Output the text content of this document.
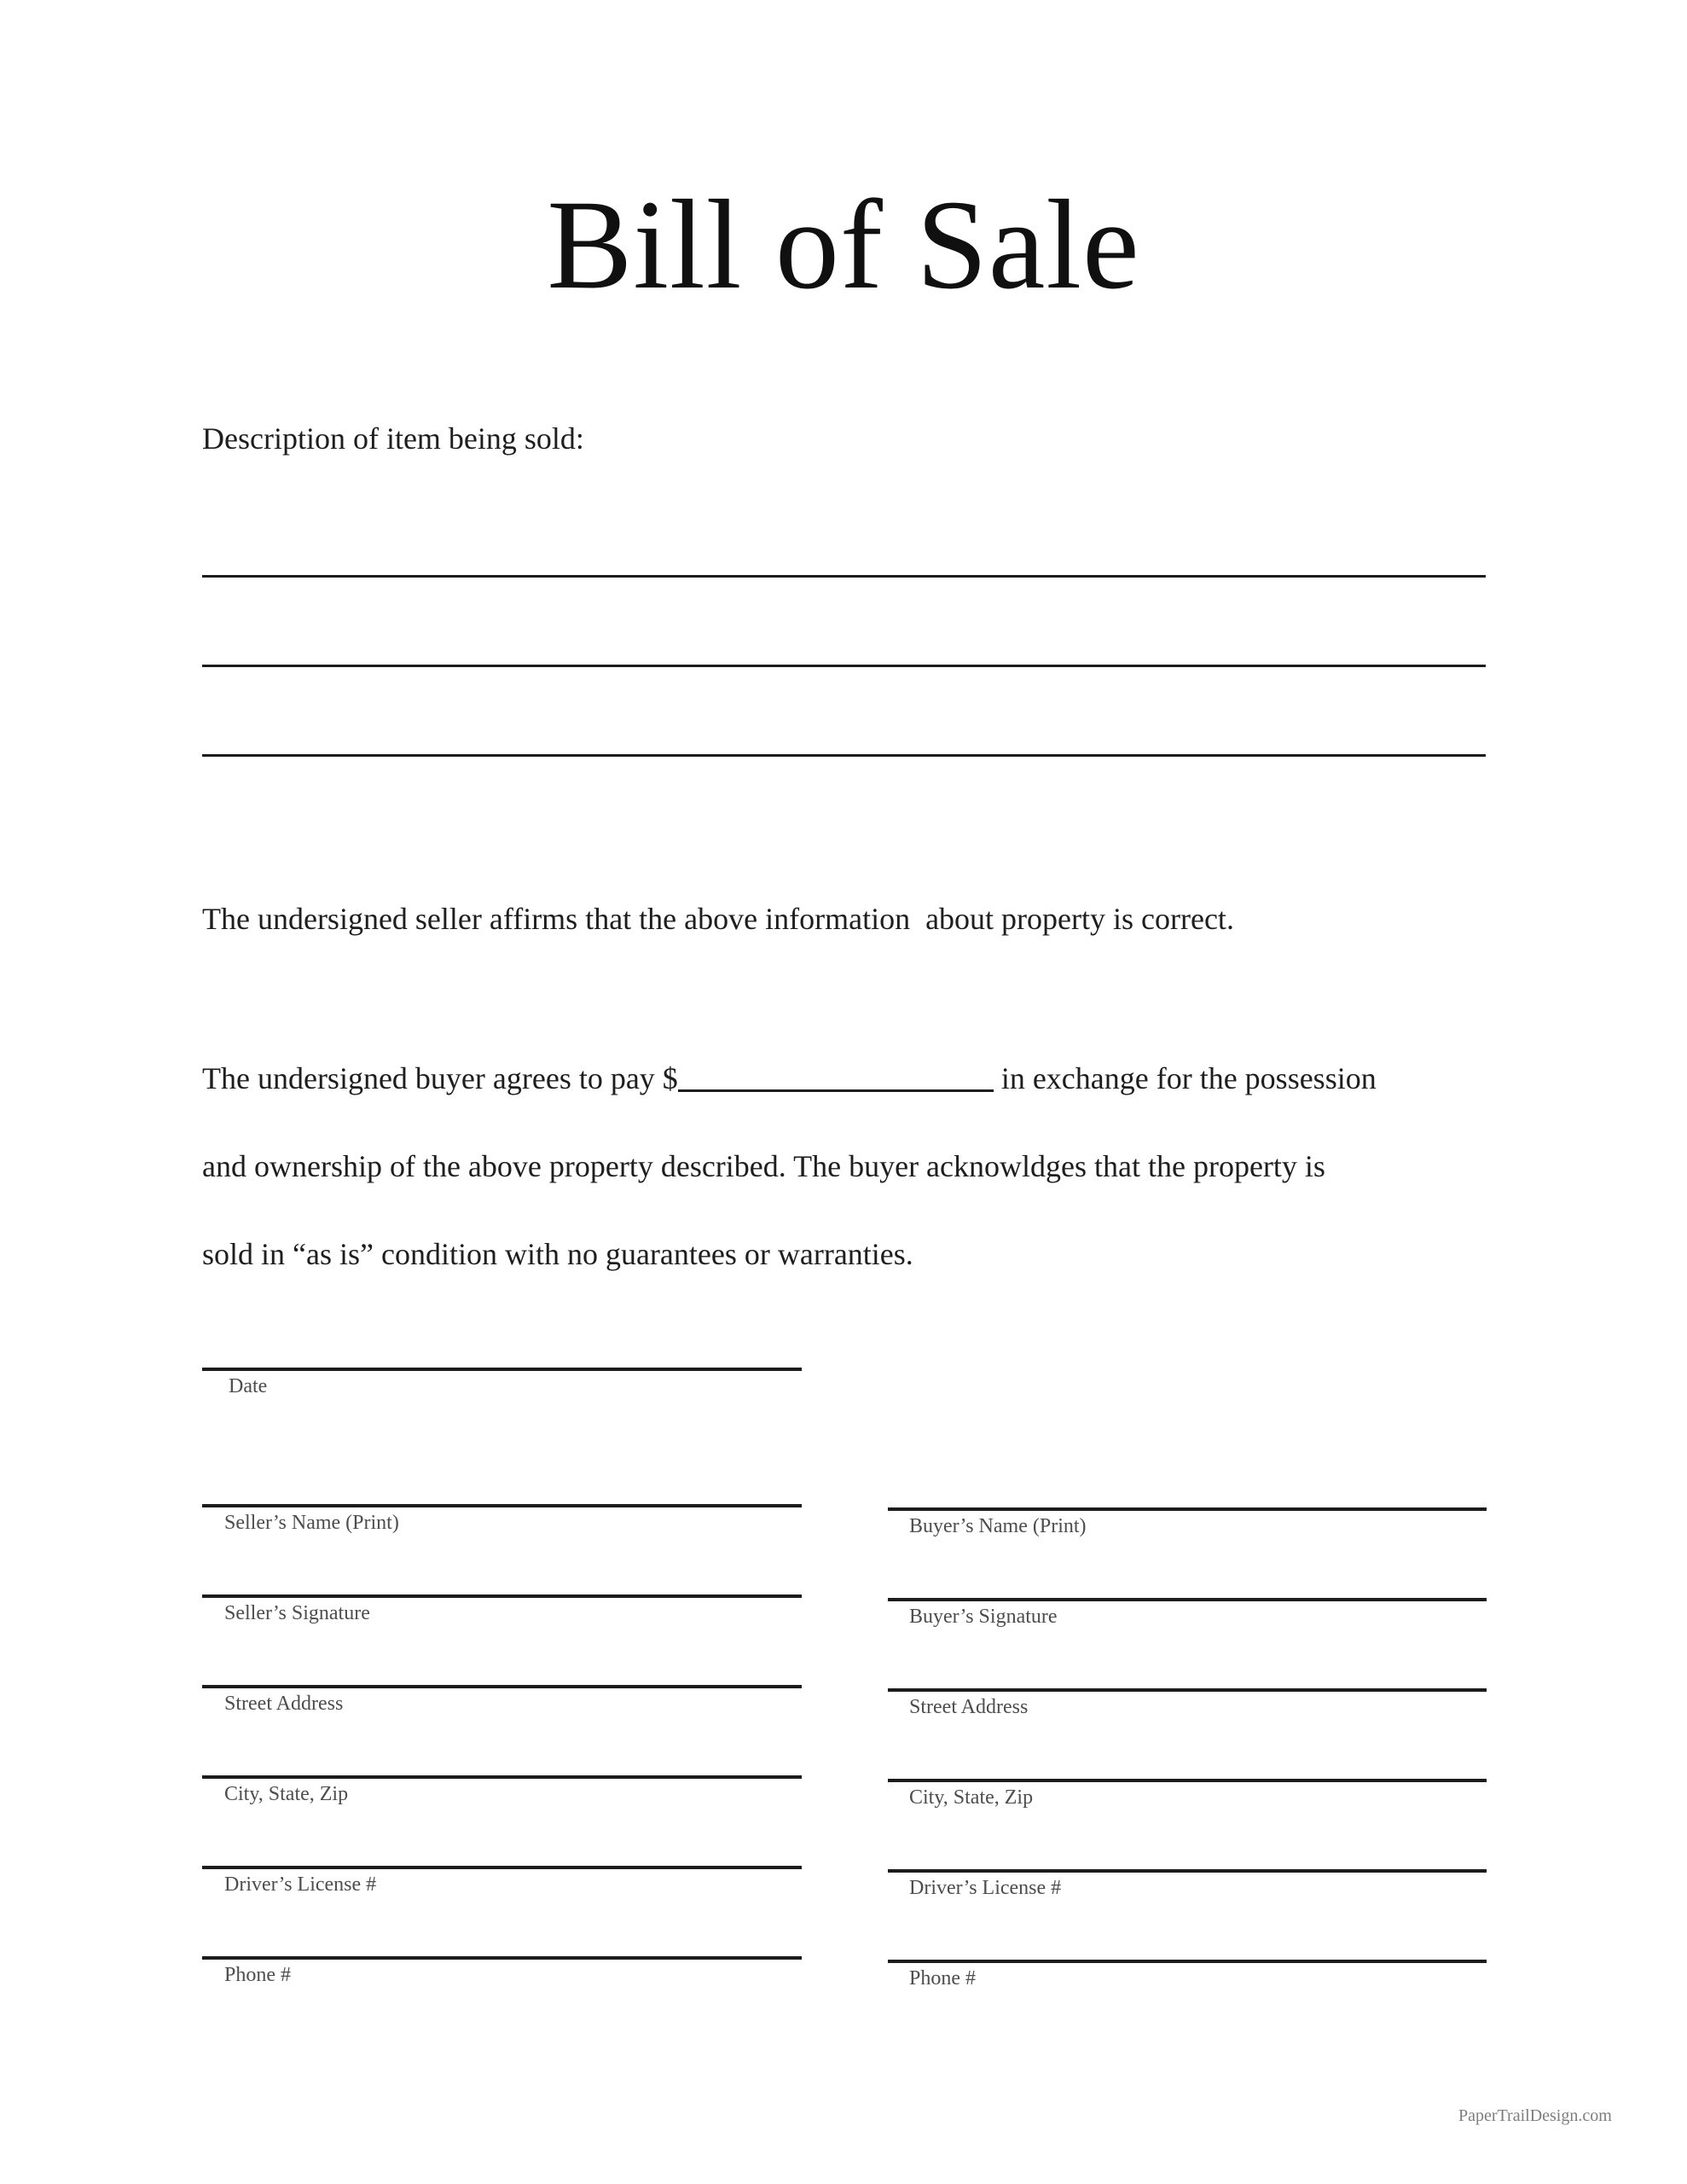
Bill of Sale
Description of item being sold:
The undersigned seller affirms that the above information  about property is correct.
The undersigned buyer agrees to pay $	in exchange for the possession
and ownership of the above property described. The buyer acknowldges that the property is
sold in “as is” condition with no guarantees or warranties.
Date
Seller’s Name (Print)
Seller’s Signature
Street Address
City, State, Zip
Driver’s License #
Phone #
Buyer’s Name (Print)
Buyer’s Signature
Street Address
City, State, Zip
Driver’s License #
Phone #
PaperTrailDesign.com
